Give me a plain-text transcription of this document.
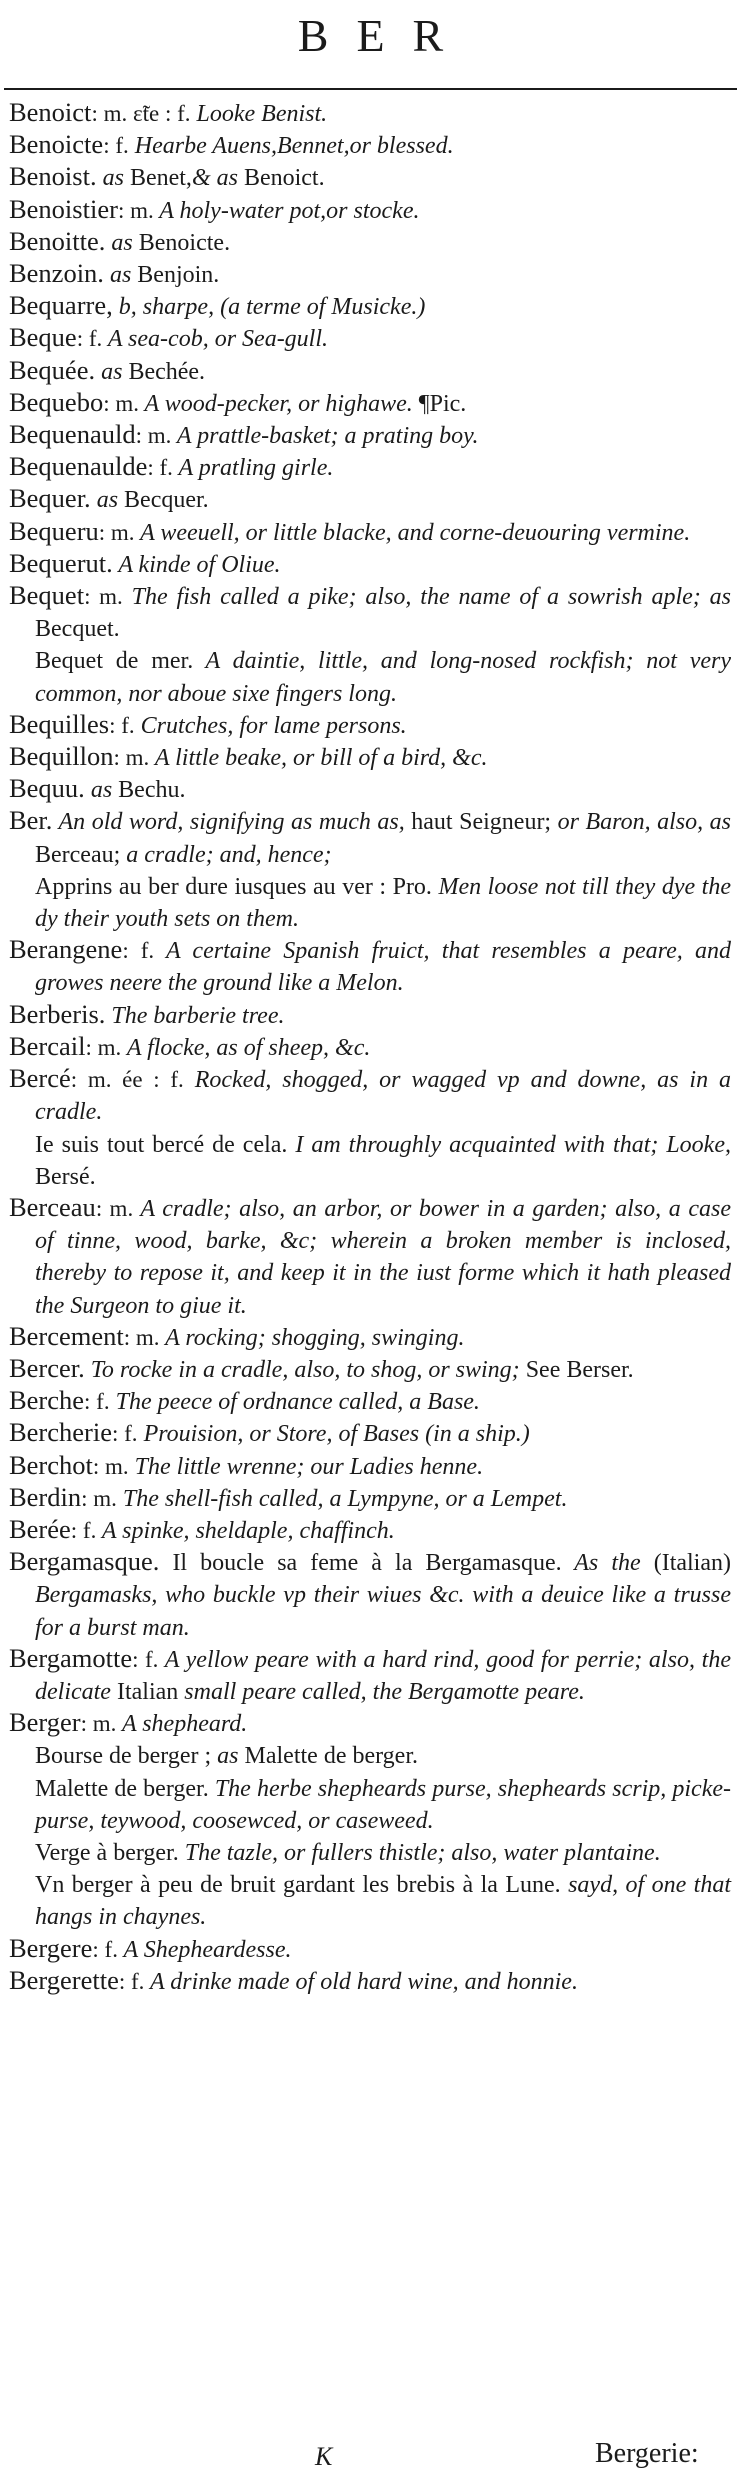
BER

Benoict: m. ɛ̃te : f. Looke Benist.

Benoicte: f. Hearbe Auens,Bennet,or blessed.

Benoist. as Benet,& as Benoict.

Benoistier: m. A holy-water pot,or stocke.

Benoitte. as Benoicte.

Benzoin. as Benjoin.

Bequarre, b, sharpe, (a terme of Musicke.)

Beque: f. A sea-cob, or Sea-gull.

Bequée. as Bechée.

Bequebo: m. A wood-pecker, or highawe. ¶Pic.

Bequenauld: m. A prattle-basket; a prating boy.

Bequenaulde: f. A pratling girle.

Bequer. as Becquer.

Bequeru: m. A weeuell, or little blacke, and corne-deuouring vermine.

Bequerut. A kinde of Oliue.

Bequet: m. The fish called a pike; also, the name of a sowrish aple; as Becquet.

Bequet de mer. A daintie, little, and long-nosed rockfish; not very common, nor aboue sixe fingers long.

Bequilles: f. Crutches, for lame persons.

Bequillon: m. A little beake, or bill of a bird, &c.

Bequu. as Bechu.

Ber. An old word, signifying as much as, haut Seigneur; or Baron, also, as Berceau; a cradle; and, hence;

Apprins au ber dure iusques au ver : Pro. Men loose not till they dye the dy their youth sets on them.

Berangene: f. A certaine Spanish fruict, that resembles a peare, and growes neere the ground like a Melon.

Berberis. The barberie tree.

Bercail: m. A flocke, as of sheep, &c.

Bercé: m. ée : f. Rocked, shogged, or wagged vp and downe, as in a cradle.

Ie suis tout bercé de cela. I am throughly acquainted with that; Looke, Bersé.

Berceau: m. A cradle; also, an arbor, or bower in a garden; also, a case of tinne, wood, barke, &c; wherein a broken member is inclosed, thereby to repose it, and keep it in the iust forme which it hath pleased the Surgeon to giue it.

Bercement: m. A rocking; shogging, swinging.

Bercer. To rocke in a cradle, also, to shog, or swing; See Berser.

Berche: f. The peece of ordnance called, a Base.

Bercherie: f. Prouision, or Store, of Bases (in a ship.)

Berchot: m. The little wrenne; our Ladies henne.

Berdin: m. The shell-fish called, a Lympyne, or a Lempet.

Berée: f. A spinke, sheldaple, chaffinch.

Bergamasque. Il boucle sa feme à la Bergamasque. As the (Italian) Bergamasks, who buckle vp their wiues &c. with a deuice like a trusse for a burst man.

Bergamotte: f. A yellow peare with a hard rind, good for perrie; also, the delicate Italian small peare called, the Bergamotte peare.

Berger: m. A shepheard.

Bourse de berger ; as Malette de berger.

Malette de berger. The herbe shepheards purse, shepheards scrip, picke-purse, teywood, coosewced, or caseweed.

Verge à berger. The tazle, or fullers thistle; also, water plantaine.

Vn berger à peu de bruit gardant les brebis à la Lune. sayd, of one that hangs in chaynes.

Bergere: f. A Shepheardesse.

Bergerette: f. A drinke made of old hard wine, and honnie.

K	Bergerie:
